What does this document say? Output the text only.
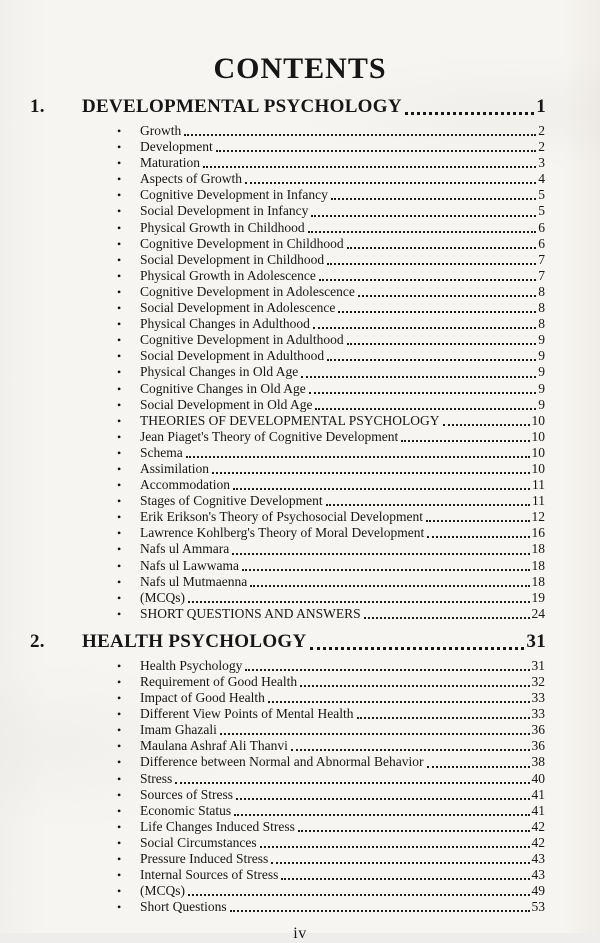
CONTENTS
1.	DEVELOPMENTAL PSYCHOLOGY	1
•	Growth	2
•	Development	2
•	Maturation	3
•	Aspects of Growth	4
•	Cognitive Development in Infancy	5
•	Social Development in Infancy	5
•	Physical Growth in Childhood	6
•	Cognitive Development in Childhood	6
•	Social Development in Childhood	7
•	Physical Growth in Adolescence	7
•	Cognitive Development in Adolescence	8
•	Social Development in Adolescence	8
•	Physical Changes in Adulthood	8
•	Cognitive Development in Adulthood	9
•	Social Development in Adulthood	9
•	Physical Changes in Old Age	9
•	Cognitive Changes in Old Age	9
•	Social Development in Old Age	9
•	THEORIES OF DEVELOPMENTAL PSYCHOLOGY	10
•	Jean Piaget's Theory of Cognitive Development	10
•	Schema	10
•	Assimilation	10
•	Accommodation	11
•	Stages of Cognitive Development	11
•	Erik Erikson's Theory of Psychosocial Development	12
•	Lawrence Kohlberg's Theory of Moral Development	16
•	Nafs ul Ammara	18
•	Nafs ul Lawwama	18
•	Nafs ul Mutmaenna	18
•	(MCQs)	19
•	SHORT QUESTIONS AND ANSWERS	24
2.	HEALTH PSYCHOLOGY	31
•	Health Psychology	31
•	Requirement of Good Health	32
•	Impact of Good Health	33
•	Different View Points of Mental Health	33
•	Imam Ghazali	36
•	Maulana Ashraf Ali Thanvi	36
•	Difference between Normal and Abnormal Behavior	38
•	Stress	40
•	Sources of Stress	41
•	Economic Status	41
•	Life Changes Induced Stress	42
•	Social Circumstances	42
•	Pressure Induced Stress	43
•	Internal Sources of Stress	43
•	(MCQs)	49
•	Short Questions	53
iv
